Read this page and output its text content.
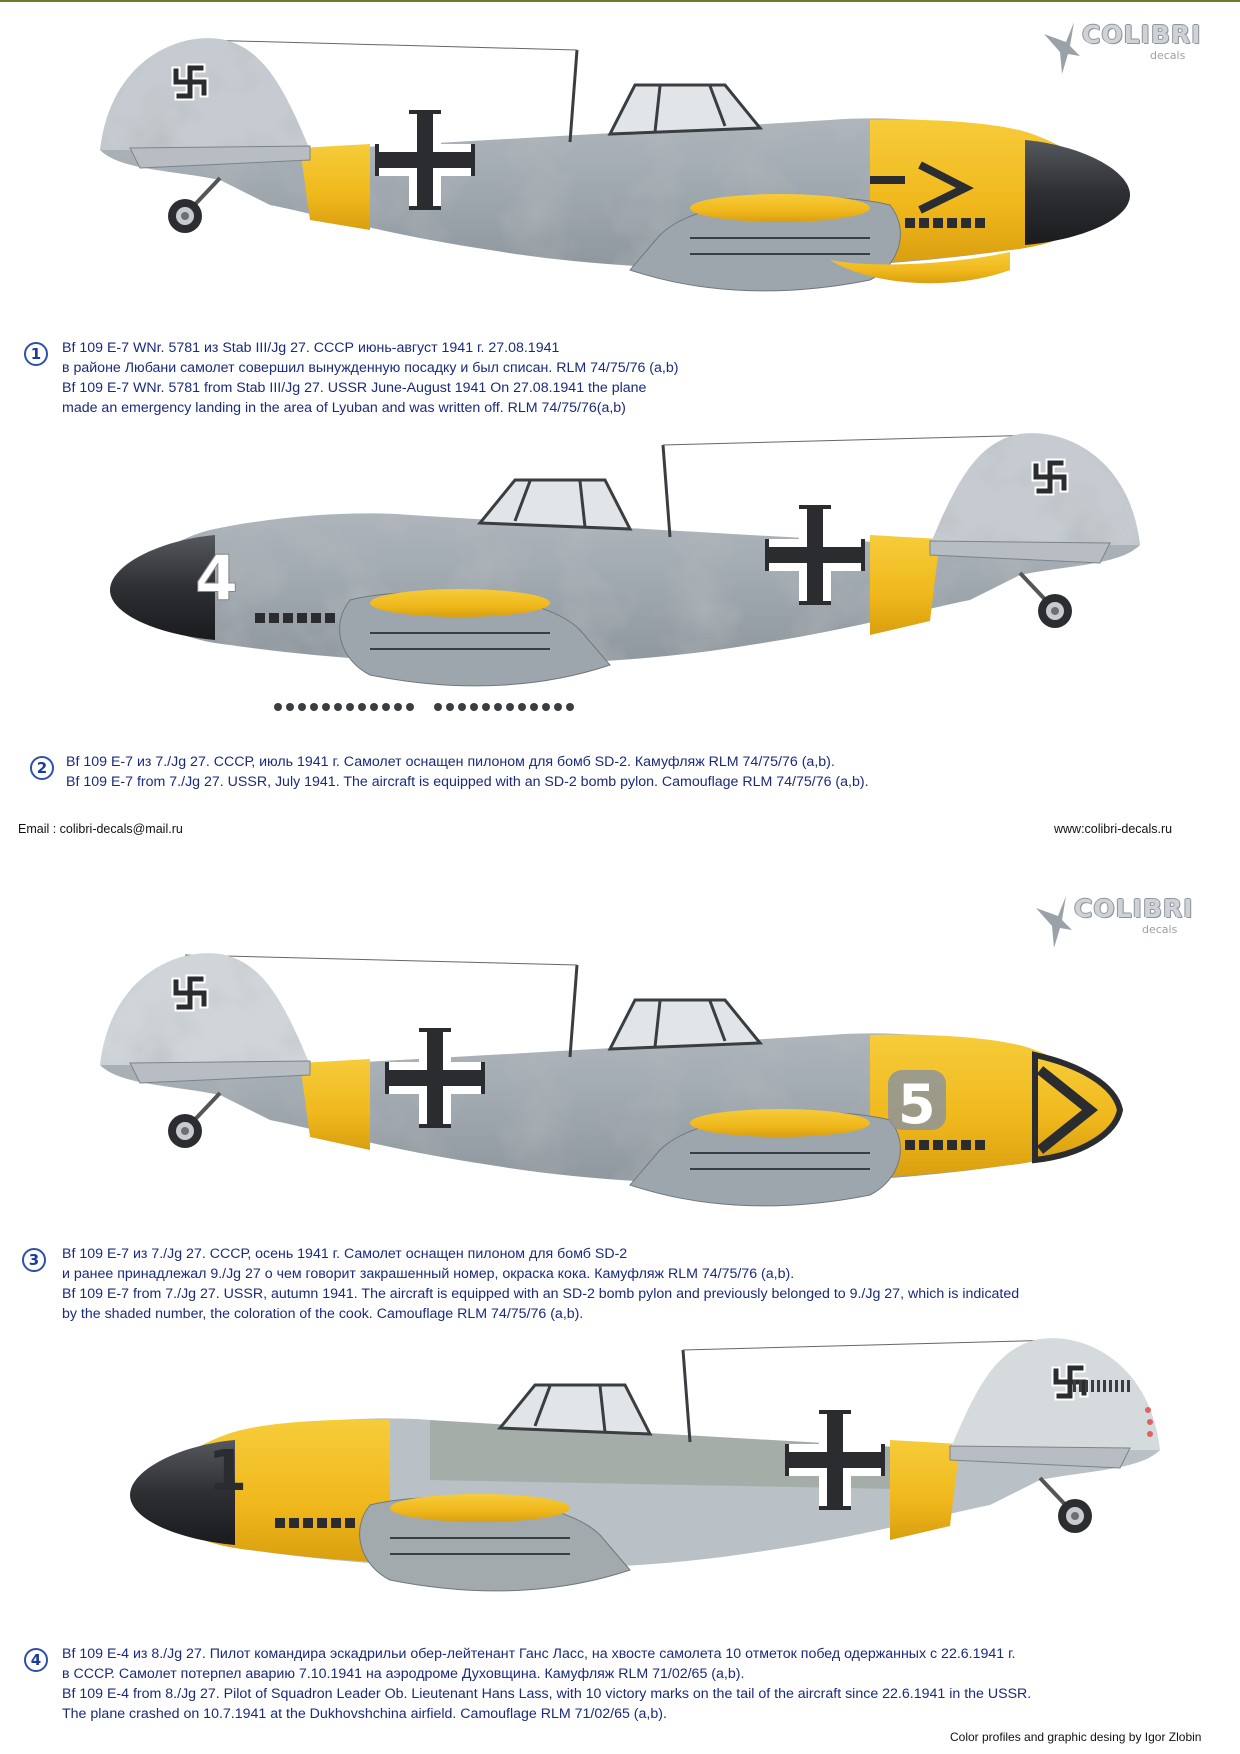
COLIBRI
decals
1	Bf 109 E-7 WNr. 5781 из Stab III/Jg 27. СССР июнь-август 1941 г. 27.08.1941
в районе Любани самолет совершил вынужденную посадку и был списан. RLM 74/75/76 (a,b)
Bf 109 E-7 WNr. 5781 from Stab III/Jg 27. USSR June-August 1941 On 27.08.1941 the plane
made an emergency landing in the area of Lyuban and was written off. RLM 74/75/76(a,b)
4
2	Bf 109 E-7 из 7./Jg 27. СССР, июль 1941 г. Самолет оснащен пилоном для бомб SD-2. Камуфляж RLM 74/75/76 (a,b).
Bf 109 E-7 from 7./Jg 27. USSR, July 1941. The aircraft is equipped with an SD-2 bomb pylon. Camouflage RLM 74/75/76 (a,b).
Email : colibri-decals@mail.ru	www:colibri-decals.ru
COLIBRI
decals
5
3	Bf 109 E-7 из 7./Jg 27. СССР, осень 1941 г. Самолет оснащен пилоном для бомб SD-2
и ранее принадлежал 9./Jg 27 о чем говорит закрашенный номер, окраска кока. Камуфляж RLM 74/75/76 (a,b).
Bf 109 E-7 from 7./Jg 27. USSR, autumn 1941. The aircraft is equipped with an SD-2 bomb pylon and previously belonged to 9./Jg 27, which is indicated
by the shaded number, the coloration of the cook. Camouflage RLM 74/75/76 (a,b).
1
4	Bf 109 E-4 из 8./Jg 27. Пилот командира эскадрильи обер-лейтенант Ганс Ласс, на хвосте самолета 10 отметок побед одержанных с 22.6.1941 г.
в СССР. Самолет потерпел аварию 7.10.1941 на аэродроме Духовщина. Камуфляж RLM 71/02/65 (a,b).
Bf 109 E-4 from 8./Jg 27. Pilot of Squadron Leader Ob. Lieutenant Hans Lass, with 10 victory marks on the tail of the aircraft since 22.6.1941 in the USSR.
The plane crashed on 10.7.1941 at the Dukhovshchina airfield. Camouflage RLM 71/02/65 (a,b).
Color profiles and graphic desing by Igor Zlobin
